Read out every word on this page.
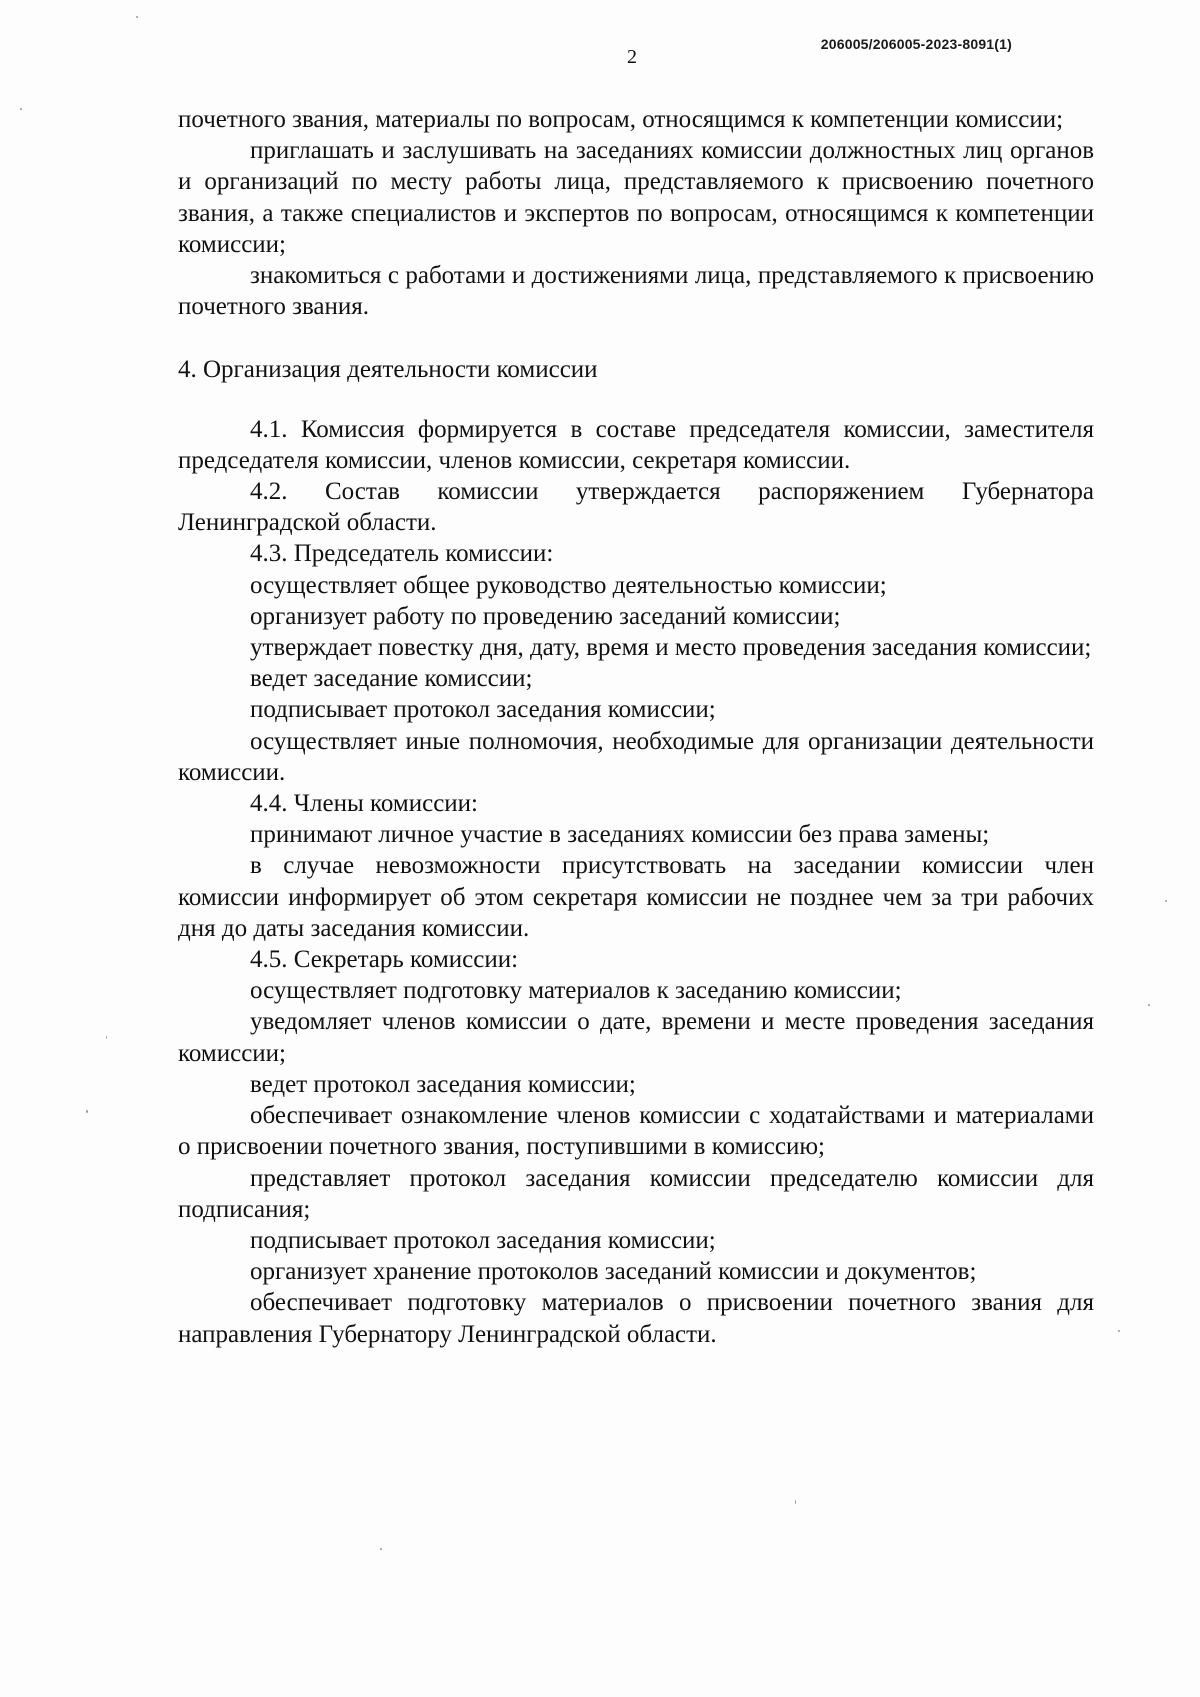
206005/206005-2023-8091(1)
2

почетного звания, материалы по вопросам, относящимся к компетенции комиссии;

приглашать и заслушивать на заседаниях комиссии должностных лиц органов и организаций по месту работы лица, представляемого к присвоению почетного звания, а также специалистов и экспертов по вопросам, относящимся к компетенции комиссии;

знакомиться с работами и достижениями лица, представляемого к присвоению почетного звания.

4. Организация деятельности комиссии

4.1. Комиссия формируется в составе председателя комиссии, заместителя председателя комиссии, членов комиссии, секретаря комиссии.

4.2. Состав комиссии утверждается распоряжением Губернатора Ленинградской области.

4.3. Председатель комиссии:

осуществляет общее руководство деятельностью комиссии;

организует работу по проведению заседаний комиссии;

утверждает повестку дня, дату, время и место проведения заседания комиссии;

ведет заседание комиссии;

подписывает протокол заседания комиссии;

осуществляет иные полномочия, необходимые для организации деятельности комиссии.

4.4. Члены комиссии:

принимают личное участие в заседаниях комиссии без права замены;

в случае невозможности присутствовать на заседании комиссии член комиссии информирует об этом секретаря комиссии не позднее чем за три рабочих дня до даты заседания комиссии.

4.5. Секретарь комиссии:

осуществляет подготовку материалов к заседанию комиссии;

уведомляет членов комиссии о дате, времени и месте проведения заседания комиссии;

ведет протокол заседания комиссии;

обеспечивает ознакомление членов комиссии с ходатайствами и материалами о присвоении почетного звания, поступившими в комиссию;

представляет протокол заседания комиссии председателю комиссии для подписания;

подписывает протокол заседания комиссии;

организует хранение протоколов заседаний комиссии и документов;

обеспечивает подготовку материалов о присвоении почетного звания для направления Губернатору Ленинградской области.
